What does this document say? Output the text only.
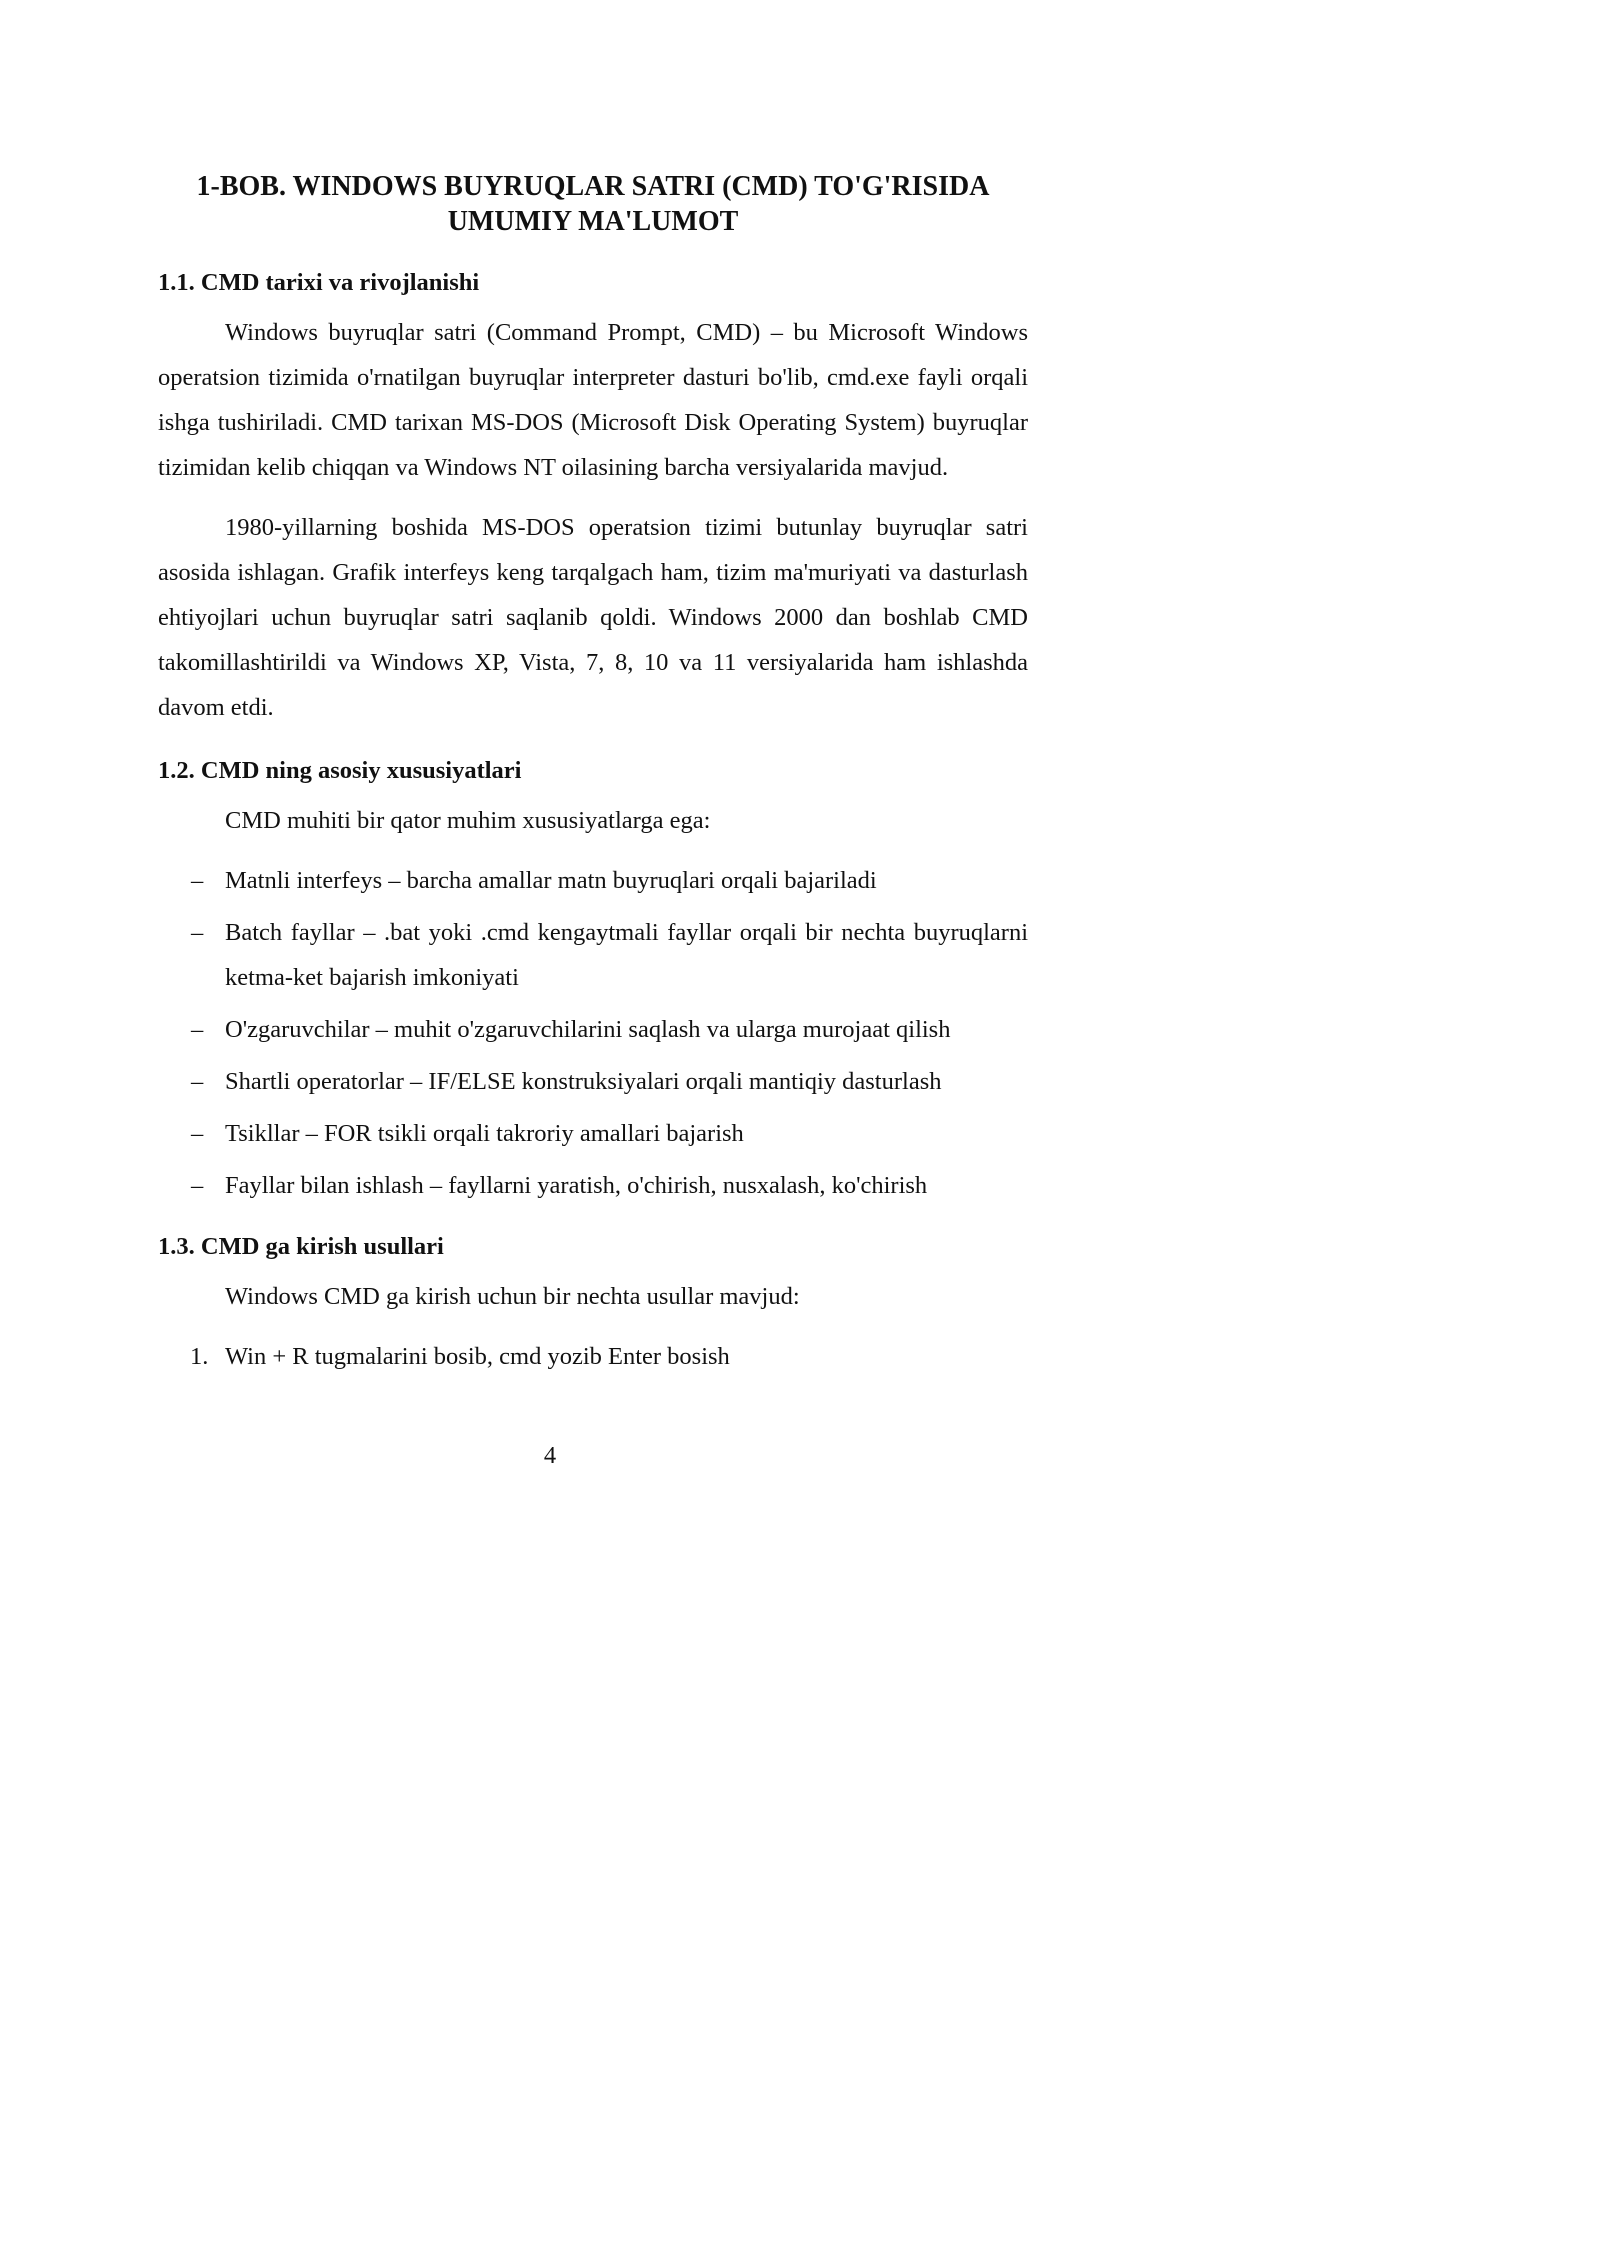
1-BOB. WINDOWS BUYRUQLAR SATRI (CMD) TO'G'RISIDA UMUMIY MA'LUMOT
1.1. CMD tarixi va rivojlanishi

Windows buyruqlar satri (Command Prompt, CMD) – bu Microsoft Windows operatsion tizimida o'rnatilgan buyruqlar interpreter dasturi bo'lib, cmd.exe fayli orqali ishga tushiriladi. CMD tarixan MS-DOS (Microsoft Disk Operating System) buyruqlar tizimidan kelib chiqqan va Windows NT oilasining barcha versiyalarida mavjud.

1980-yillarning boshida MS-DOS operatsion tizimi butunlay buyruqlar satri asosida ishlagan. Grafik interfeys keng tarqalgach ham, tizim ma'muriyati va dasturlash ehtiyojlari uchun buyruqlar satri saqlanib qoldi. Windows 2000 dan boshlab CMD takomillashtirildi va Windows XP, Vista, 7, 8, 10 va 11 versiyalarida ham ishlashda davom etdi.

1.2. CMD ning asosiy xususiyatlari

CMD muhiti bir qator muhim xususiyatlarga ega:

– Matnli interfeys – barcha amallar matn buyruqlari orqali bajariladi
– Batch fayllar – .bat yoki .cmd kengaytmali fayllar orqali bir nechta buyruqlarni ketma-ket bajarish imkoniyati
– O'zgaruvchilar – muhit o'zgaruvchilarini saqlash va ularga murojaat qilish
– Shartli operatorlar – IF/ELSE konstruksiyalari orqali mantiqiy dasturlash
– Tsikllar – FOR tsikli orqali takroriy amallari bajarish
– Fayllar bilan ishlash – fayllarni yaratish, o'chirish, nusxalash, ko'chirish
1.3. CMD ga kirish usullari

Windows CMD ga kirish uchun bir nechta usullar mavjud:

1. Win + R tugmalarini bosib, cmd yozib Enter bosish
4
